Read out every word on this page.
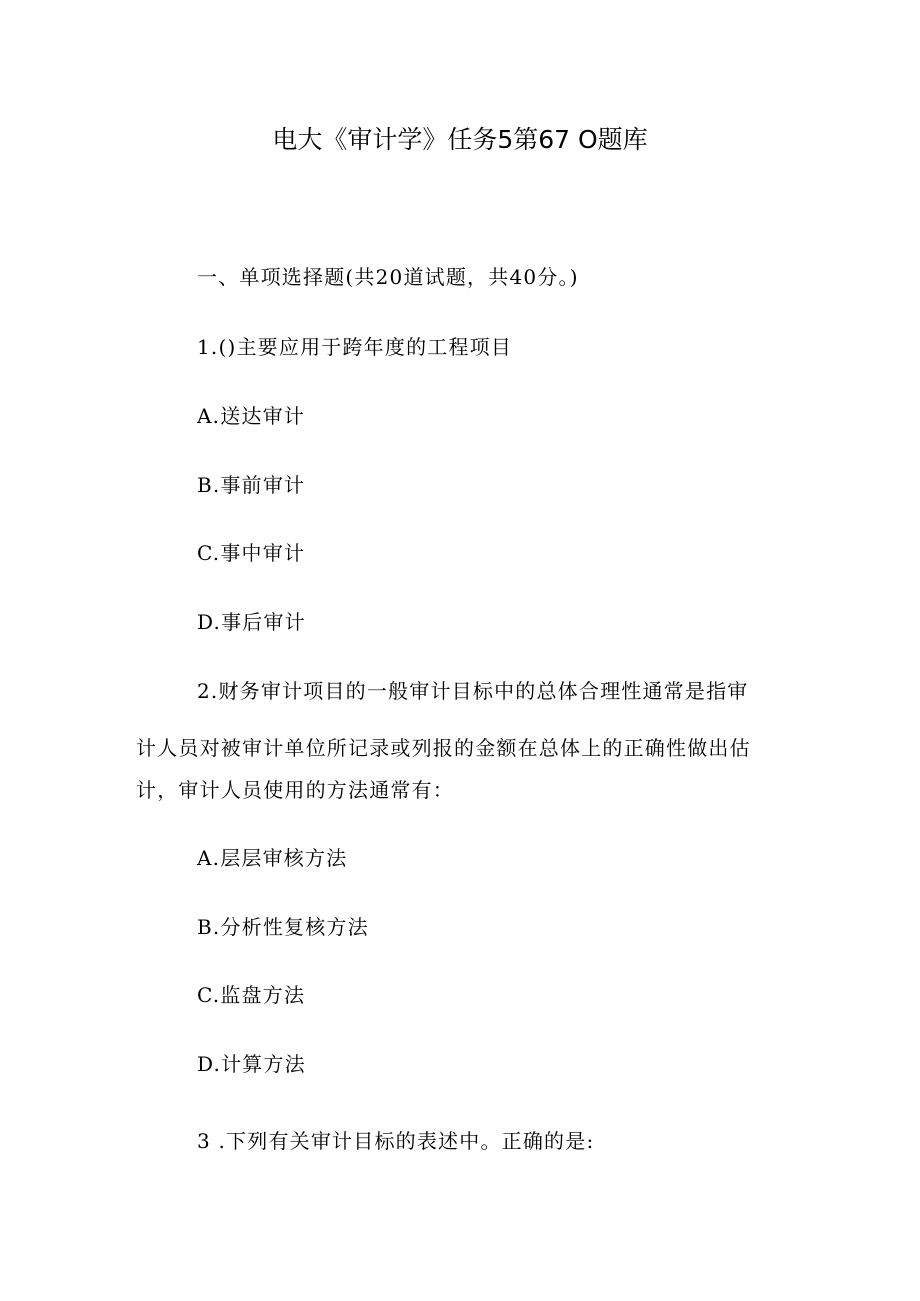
电大《审计学》任务5第67 O题库

一、单项选择题(共20道试题，共40分。)

1.()主要应用于跨年度的工程项目

A.送达审计

B.事前审计

C.事中审计

D.事后审计

2.财务审计项目的一般审计目标中的总体合理性通常是指审

计人员对被审计单位所记录或列报的金额在总体上的正确性做出估

计，审计人员使用的方法通常有：

A.层层审核方法

B.分析性复核方法

C.监盘方法

D.计算方法

3 .下列有关审计目标的表述中。正确的是:
